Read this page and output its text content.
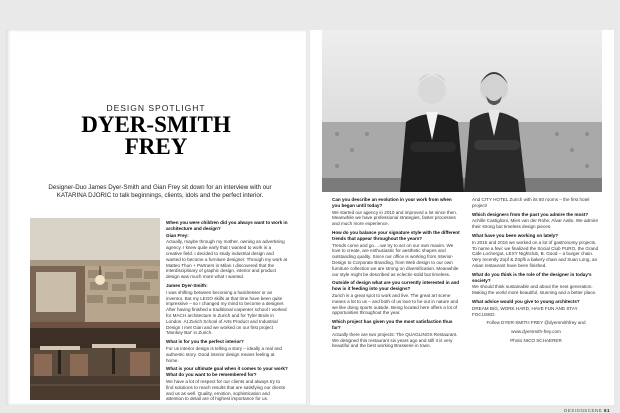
DESIGN SPOTLIGHT
DYER-SMITH
FREY

Designer-Duo James Dyer-Smith and Gian Frey sit down for an interview with our KATARINA DJORIC to talk beginnings, clients, idols and the perfect interior.

When you were children did you always want to work in architecture and design?

Gian Frey:

Actually, maybe through my mother, owning an advertising agency. I knew quite early that I wanted to work in a creative field. I decided to study industrial design and wanted to become a furniture designer. Through my work at Matteo Thun + Partners in Milan I discovered that the interdisciplinary of graphic design, interior and product design was much more what I wanted.

James Dyer-Smith:

I was shifting between becoming a hairdresser or an inventor. But my LEGO skills at that time have been quite impressive – so I changed my mind to become a designer. After having finished a traditional carpenter school I worked for MACH architecture in Zurich and for Tyler Brule in London. At Zurich School of Arts Product and Industrial Design I met Gian and we worked on our first project 'Monkey Bar' in Zurich.

What is for you the perfect interior?

For us interior design is telling a story – ideally a real and authentic story. Good interior design means feeling at home.

What is your ultimate goal when it comes to your work? What do you want to be remembered for?

We have a lot of respect for our clients and always try to find solutions to reach results that are satisfying our clients and us as well. Quality, emotion, sophistication and attention to detail are of highest importance for us.

Can you describe an evolution in your work from when you began until today?

We started our agency in 2010 and improved a lot since then. Meanwhile we have professional strategies, faster processes and much more experience.

How do you balance your signature style with the different trends that appear throughout the years?

Trends come and go.....we try to act on our own maxim. We love to create, are enthusiastic for aesthetic shapes and outstanding quality. Since our office is working from Interior-Design to Corporate Branding, from Web design to our own furniture collection we are strong on diversification. Meanwhile our style might be described as eclectic-solid but timeless.

Outside of design what are you currently interested in and how is it feeding into your designs?

Zurich is a great spot to work and live. The great art scene means a lot to us – and both of us love to be out in nature and we like doing sports outside. Being located here offers a lot of opportunities throughout the year.

Which project has given you the most satisfaction thus far?

Actually there are two projects: The QUAGLINOS Restaurant. We designed this restaurant six years ago and still it is very beautiful and the best working Brasserie in town.

And CITY HOTEL Zurich with its 60 rooms – the first hotel project!

Which designers from the past you admire the most?

Achille Castiglioni, Mies van der Rohe, Alvar Aalto. We admire their strong but timeless design pieces.

What have you been working on lately?

In 2015 and 2016 we worked on a lot of gastronomy projects. To name a few: we finalized the Social Club PURO, the Grand Cafe Lochergut, LEXY Nightclub, B. Good – a burger chain. Very recently Zopf & Zöpfli a bakery chain and Suan Long, an Asian restaurant have been finished.

What do you think is the role of the designer in today's society?

We should think sustainable and about the next generation. Making the world more beautiful, stunning and a better place.

What advice would you give to young architects?

DREAM BIG, WORK HARD, HAVE FUN AND STAY FOCUSED.

Follow DYER-SMITH FREY @dyersmithfrey and

www.dyersmith-frey.com

Photo NICO SCHAERER

DESIGNSCENE 61
